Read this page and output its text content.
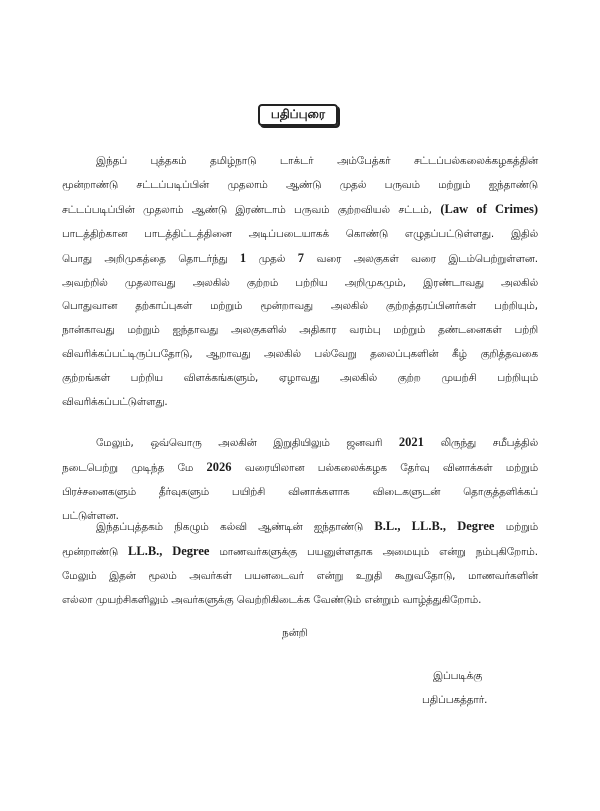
பதிப்புரை
இந்தப் புத்தகம் தமிழ்நாடு டாக்டர் அம்பேத்கர் சட்டப்பல்கலைக்கழகத்தின்
மூன்றாண்டு சட்டப்படிப்பின் முதலாம் ஆண்டு முதல் பருவம் மற்றும் ஐந்தாண்டு
சட்டப்படிப்பின் முதலாம் ஆண்டு இரண்டாம் பருவம் குற்றவியல் சட்டம், (Law of Crimes)
பாடத்திற்கான பாடத்திட்டத்தினை அடிப்படையாகக் கொண்டு எழுதப்பட்டுள்ளது. இதில்
பொது அறிமுகத்தை தொடர்ந்து 1 முதல் 7 வரை அலகுகள் வரை இடம்பெற்றுள்ளன.
அவற்றில் முதலாவது அலகில் குற்றம் பற்றிய அறிமுகமும், இரண்டாவது அலகில்
பொதுவான தற்காப்புகள் மற்றும் மூன்றாவது அலகில் குற்றத்தரப்பினர்கள் பற்றியும்,
நான்காவது மற்றும் ஐந்தாவது அலகுகளில் அதிகார வரம்பு மற்றும் தண்டனைகள் பற்றி
விவரிக்கப்பட்டிருப்பதோடு, ஆறாவது அலகில் பல்வேறு தலைப்புகளின் கீழ் குறித்தவகை
குற்றங்கள் பற்றிய விளக்கங்களும், ஏழாவது அலகில் குற்ற முயற்சி பற்றியும்
விவரிக்கப்பட்டுள்ளது.
மேலும், ஒவ்வொரு அலகின் இறுதியிலும் ஜனவரி 2021 லிருந்து சமீபத்தில்
நடைபெற்று முடிந்த மே 2026 வரையிலான பல்கலைக்கழக தேர்வு வினாக்கள் மற்றும்
பிரச்சனைகளும் தீர்வுகளும் பயிற்சி வினாக்களாக விடைகளுடன் தொகுத்தளிக்கப்
பட்டுள்ளன.
இந்தப்புத்தகம் நிகழும் கல்வி ஆண்டின் ஐந்தாண்டு B.L., LL.B., Degree மற்றும்
மூன்றாண்டு LL.B., Degree மாணவர்களுக்கு பயனுள்ளதாக அமையும் என்று நம்புகிறோம்.
மேலும் இதன் மூலம் அவர்கள் பயனடைவர் என்று உறுதி கூறுவதோடு, மாணவர்களின்
எல்லா முயற்சிகளிலும் அவர்களுக்கு வெற்றிகிடைக்க வேண்டும் என்றும் வாழ்த்துகிறோம்.
நன்றி
இப்படிக்கு
பதிப்பகத்தார்.
